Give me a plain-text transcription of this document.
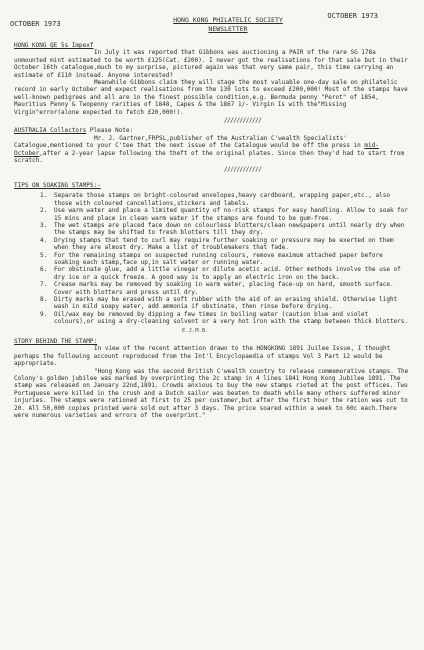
OCTOBER 1973	HONG KONG PHILATELIC SOCIETY
NEWSLETTER
OCTOBER 1973

HONG KONG QE 5s Impexf

In July it was reported that Gibbons was auctioning a PAIR of the rare SG 178a unmounted mint estimated to be worth £125(Cat. £200). I never got the realisations for that sale but in their October 16th catalogue,much to my surprise, pictured again was that very same pair, this time carrying an estimate of £110 instead. Anyone interested?

Meanwhile Gibbons claim they will stage the most valuable one-day sale on philatelic record in early October and expect realisations from the 130 lots to exceed £200,000! Most of the stamps have well-known pedigrees and all are in the finest possible condition,e.g. Bermuda penny "Perot" of 1854, Mauritius Penny & Twopenny rarities of 1848, Capes & the 1867 1/- Virgin Is with the"Missing Virgin"error(alone expected to fetch £20,000!).

////////////

AUSTRALIA Collectors Please Note:

Mr. J. Gartner,FRPSL,publisher of the Australian C'wealth Specialists' Catalogue,mentioned to your C'tee that the next issue of the Catalogue would be off the press in mid-October,after a 2-year lapse following the theft of the original plates. Since then they'd had to start from scratch.

////////////

TIPS ON SOAKING STAMPS:-

1. Separate those stamps on bright-coloured envelopes,heavy cardboard, wrapping paper,etc., also those with coloured cancellations,stickers and labels.
2. Use warm water and place a limited quantity of no-risk stamps for easy handling. Allow to soak for 15 mins and place in clean warm water if the stamps are found to be gum-free.
3. The wet stamps are placed face down on colourless blotters/clean newspapers until nearly dry when the stamps may be shifted to fresh blotters till they dry.
4. Drying stamps that tend to curl may require further soaking or pressure may be exerted on them when they are almost dry. Make a list of troublemakers that fade.
5. For the remaining stamps on suspected running colours, remove maximum attached paper before soaking each stamp,face up,in salt water or running water.
6. For obstinate glue, add a little vinegar or dilute acetic acid. Other methods involve the use of dry ice or a quick freeze. A good way is to apply an electric iron on the back.
7. Crease marks may be removed by soaking in warm water, placing face-up on hard, smooth surface. Cover with blotters and press until dry.
8. Dirty marks may be erased with a soft rubber with the aid of an erasing shield. Otherwise light wash in mild soapy water, add ammonia if obstinate, then rinse before drying.
9. Oil/wax may be removed by dipping a few times in boiling water (caution blue and violet colours),or using a dry-cleaning solvent or a very hot iron with the stamp between thick blotters.

E.J.M.B.

STORY BEHIND THE STAMP:

In view of the recent attention drawn to the HONGKONG 1891 Juilee Issue, I thought perhaps the following account reproduced from the Int'l Encyclopaedia of stamps Vol 3 Part 12 would be appropriate.

"Hong Kong was the second British C'wealth country to release commemorative stamps. The Colony's golden jubilee was marked by overprinting the 2c stamp in 4 lines 1841 Hong Kong Jubilee 1891. The stamp was released on January 22nd,1891. Crowds anxious to buy the new stamps rioted at the post offices. Two Portuguese were killed in the crush and a Dutch sailor was beaten to death while many others suffered minor injuries. The stamps were rationed at first to 25 per customer,but after the first hour the ration was cut to 20. All 50,000 copies printed were sold out after 3 days. The price soared within a week to 60c each.There were numerous varieties and errors of the overprint."
